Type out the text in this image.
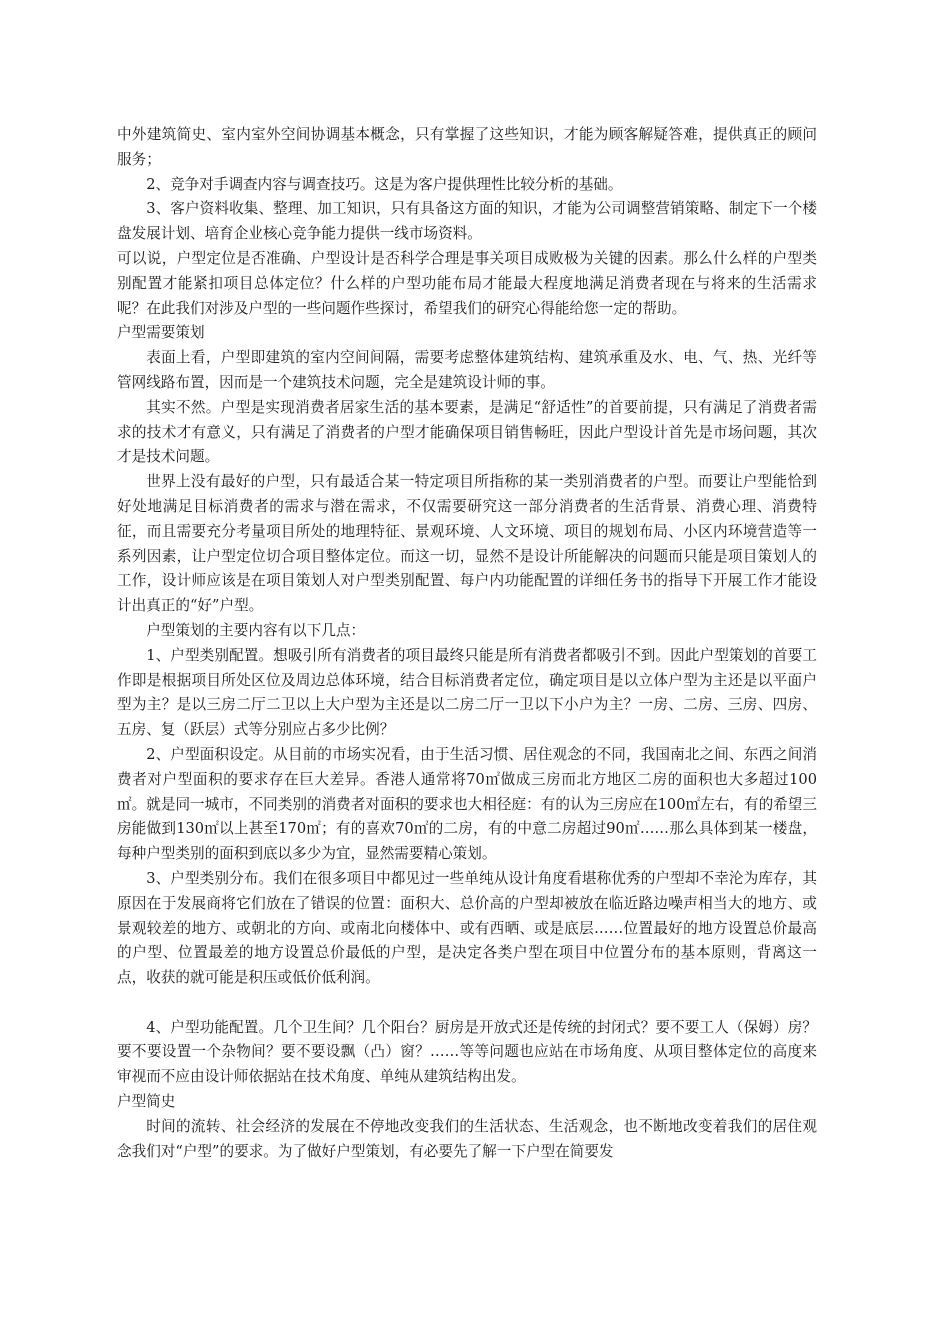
中外建筑简史、室内室外空间协调基本概念，只有掌握了这些知识，才能为顾客解疑答难，提供真正的顾问服务；

2、竞争对手调查内容与调查技巧。这是为客户提供理性比较分析的基础。

3、客户资料收集、整理、加工知识，只有具备这方面的知识，才能为公司调整营销策略、制定下一个楼盘发展计划、培育企业核心竞争能力提供一线市场资料。

可以说，户型定位是否准确、户型设计是否科学合理是事关项目成败极为关键的因素。那么什么样的户型类别配置才能紧扣项目总体定位？什么样的户型功能布局才能最大程度地满足消费者现在与将来的生活需求呢？在此我们对涉及户型的一些问题作些探讨，希望我们的研究心得能给您一定的帮助。

户型需要策划

表面上看，户型即建筑的室内空间间隔，需要考虑整体建筑结构、建筑承重及水、电、气、热、光纤等管网线路布置，因而是一个建筑技术问题，完全是建筑设计师的事。

其实不然。户型是实现消费者居家生活的基本要素，是满足“舒适性”的首要前提，只有满足了消费者需求的技术才有意义，只有满足了消费者的户型才能确保项目销售畅旺，因此户型设计首先是市场问题，其次才是技术问题。

世界上没有最好的户型，只有最适合某一特定项目所指称的某一类别消费者的户型。而要让户型能恰到好处地满足目标消费者的需求与潜在需求，不仅需要研究这一部分消费者的生活背景、消费心理、消费特征，而且需要充分考量项目所处的地理特征、景观环境、人文环境、项目的规划布局、小区内环境营造等一系列因素，让户型定位切合项目整体定位。而这一切，显然不是设计所能解决的问题而只能是项目策划人的工作，设计师应该是在项目策划人对户型类别配置、每户内功能配置的详细任务书的指导下开展工作才能设计出真正的“好”户型。

户型策划的主要内容有以下几点：

1、户型类别配置。想吸引所有消费者的项目最终只能是所有消费者都吸引不到。因此户型策划的首要工作即是根据项目所处区位及周边总体环境，结合目标消费者定位，确定项目是以立体户型为主还是以平面户型为主？是以三房二厅二卫以上大户型为主还是以二房二厅一卫以下小户为主？一房、二房、三房、四房、五房、复（跃层）式等分别应占多少比例？

2、户型面积设定。从目前的市场实况看，由于生活习惯、居住观念的不同，我国南北之间、东西之间消费者对户型面积的要求存在巨大差异。香港人通常将70㎡做成三房而北方地区二房的面积也大多超过100㎡。就是同一城市，不同类别的消费者对面积的要求也大相径庭：有的认为三房应在100㎡左右，有的希望三房能做到130㎡以上甚至170㎡；有的喜欢70㎡的二房，有的中意二房超过90㎡……那么具体到某一楼盘，每种户型类别的面积到底以多少为宜，显然需要精心策划。

3、户型类别分布。我们在很多项目中都见过一些单纯从设计角度看堪称优秀的户型却不幸沦为库存，其原因在于发展商将它们放在了错误的位置：面积大、总价高的户型却被放在临近路边噪声相当大的地方、或景观较差的地方、或朝北的方向、或南北向楼体中、或有西晒、或是底层……位置最好的地方设置总价最高的户型、位置最差的地方设置总价最低的户型，是决定各类户型在项目中位置分布的基本原则，背离这一点，收获的就可能是积压或低价低利润。

4、户型功能配置。几个卫生间？几个阳台？厨房是开放式还是传统的封闭式？要不要工人（保姆）房？要不要设置一个杂物间？要不要设飘（凸）窗？……等等问题也应站在市场角度、从项目整体定位的高度来审视而不应由设计师依据站在技术角度、单纯从建筑结构出发。

户型简史

时间的流转、社会经济的发展在不停地改变我们的生活状态、生活观念，也不断地改变着我们的居住观念我们对“户型”的要求。为了做好户型策划，有必要先了解一下户型在简要发
